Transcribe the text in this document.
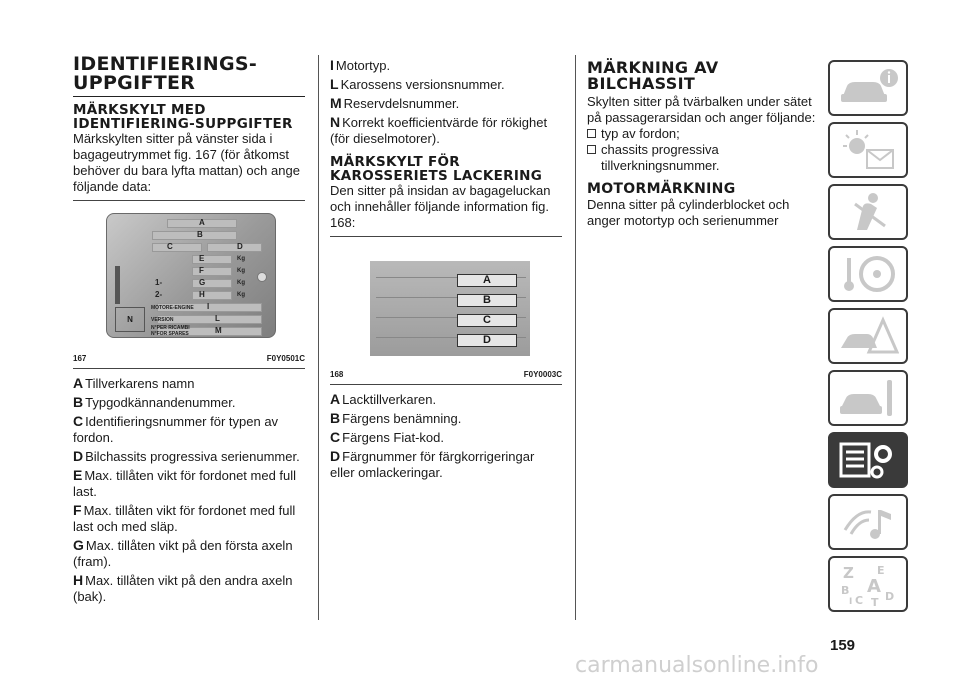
IDENTIFIERINGS-UPPGIFTER
MÄRKSKYLT MED IDENTIFIERING-SUPPGIFTER

Märkskylten sitter på vänster sida i bagageutrymmet fig. 167 (för åtkomst behöver du bara lyfta mattan) och ange följande data:

A
B
C	D
E
F
G
H
Kg
Kg
Kg
Kg
1-
2-
I
L
M
MOTORE-ENGINE
VERSION
N°PER RICAMBI
N°FOR SPARES
N
167	F0Y0501C
A Tillverkarens namn
B Typgodkännandenummer.
C Identifieringsnummer för typen av fordon.
D Bilchassits progressiva serienummer.
E Max. tillåten vikt för fordonet med full last.
F Max. tillåten vikt för fordonet med full last och med släp.
G Max. tillåten vikt på den första axeln (fram).
H Max. tillåten vikt på den andra axeln (bak).
I Motortyp.
L Karossens versionsnummer.
M Reservdelsnummer.
N Korrekt koefficientvärde för rökighet (för dieselmotorer).
MÄRKSKYLT FÖR KAROSSERIETS LACKERING

Den sitter på insidan av bagageluckan och innehåller följande information fig. 168:

A
B
C
D
168	F0Y0003C
A Lacktillverkaren.
B Färgens benämning.
C Färgens Fiat-kod.
D Färgnummer för färgkorrigeringar eller omlackeringar.
MÄRKNING AV BILCHASSIT

Skylten sitter på tvärbalken under sätet på passagerarsidan och anger följande:

typ av fordon;
chassits progressiva tillverkningsnummer.
MOTORMÄRKNING

Denna sitter på cylinderblocket och anger motortyp och serienummer

Z E
B A
C D
T
I
159
carmanualsonline.info
